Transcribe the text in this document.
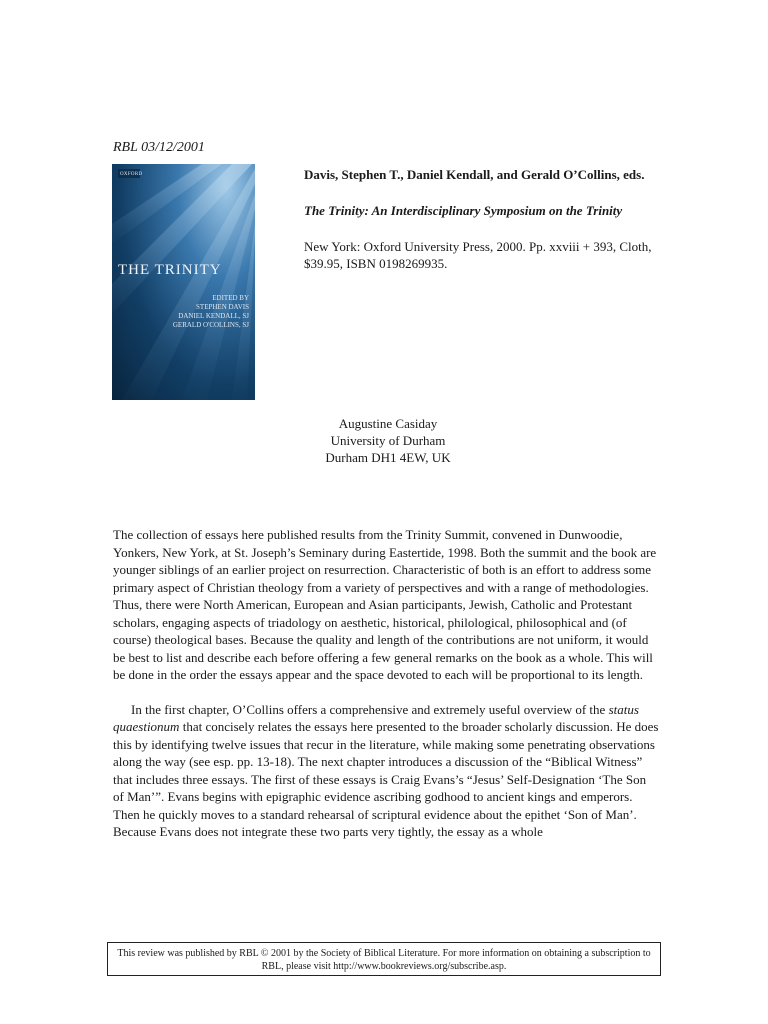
RBL 03/12/2001
OXFORD
THE TRINITY
EDITED BY
STEPHEN DAVIS
DANIEL KENDALL, SJ
GERALD O'COLLINS, SJ

Davis, Stephen T., Daniel Kendall, and Gerald O’Collins, eds.

The Trinity: An Interdisciplinary Symposium on the Trinity

New York: Oxford University Press, 2000. Pp. xxviii + 393, Cloth, $39.95, ISBN 0198269935.

Augustine Casiday
University of Durham
Durham DH1 4EW, UK

The collection of essays here published results from the Trinity Summit, convened in Dunwoodie, Yonkers, New York, at St. Joseph’s Seminary during Eastertide, 1998. Both the summit and the book are younger siblings of an earlier project on resurrection. Characteristic of both is an effort to address some primary aspect of Christian theology from a variety of perspectives and with a range of methodologies. Thus, there were North American, European and Asian participants, Jewish, Catholic and Protestant scholars, engaging aspects of triadology on aesthetic, historical, philological, philosophical and (of course) theological bases. Because the quality and length of the contributions are not uniform, it would be best to list and describe each before offering a few general remarks on the book as a whole. This will be done in the order the essays appear and the space devoted to each will be proportional to its length.

In the first chapter, O’Collins offers a comprehensive and extremely useful overview of the status quaestionum that concisely relates the essays here presented to the broader scholarly discussion. He does this by identifying twelve issues that recur in the literature, while making some penetrating observations along the way (see esp. pp. 13-18). The next chapter introduces a discussion of the “Biblical Witness” that includes three essays. The first of these essays is Craig Evans’s “Jesus’ Self-Designation ‘The Son of Man’”. Evans begins with epigraphic evidence ascribing godhood to ancient kings and emperors. Then he quickly moves to a standard rehearsal of scriptural evidence about the epithet ‘Son of Man’. Because Evans does not integrate these two parts very tightly, the essay as a whole

This review was published by RBL © 2001 by the Society of Biblical Literature. For more information on obtaining a subscription to RBL, please visit http://www.bookreviews.org/subscribe.asp.
